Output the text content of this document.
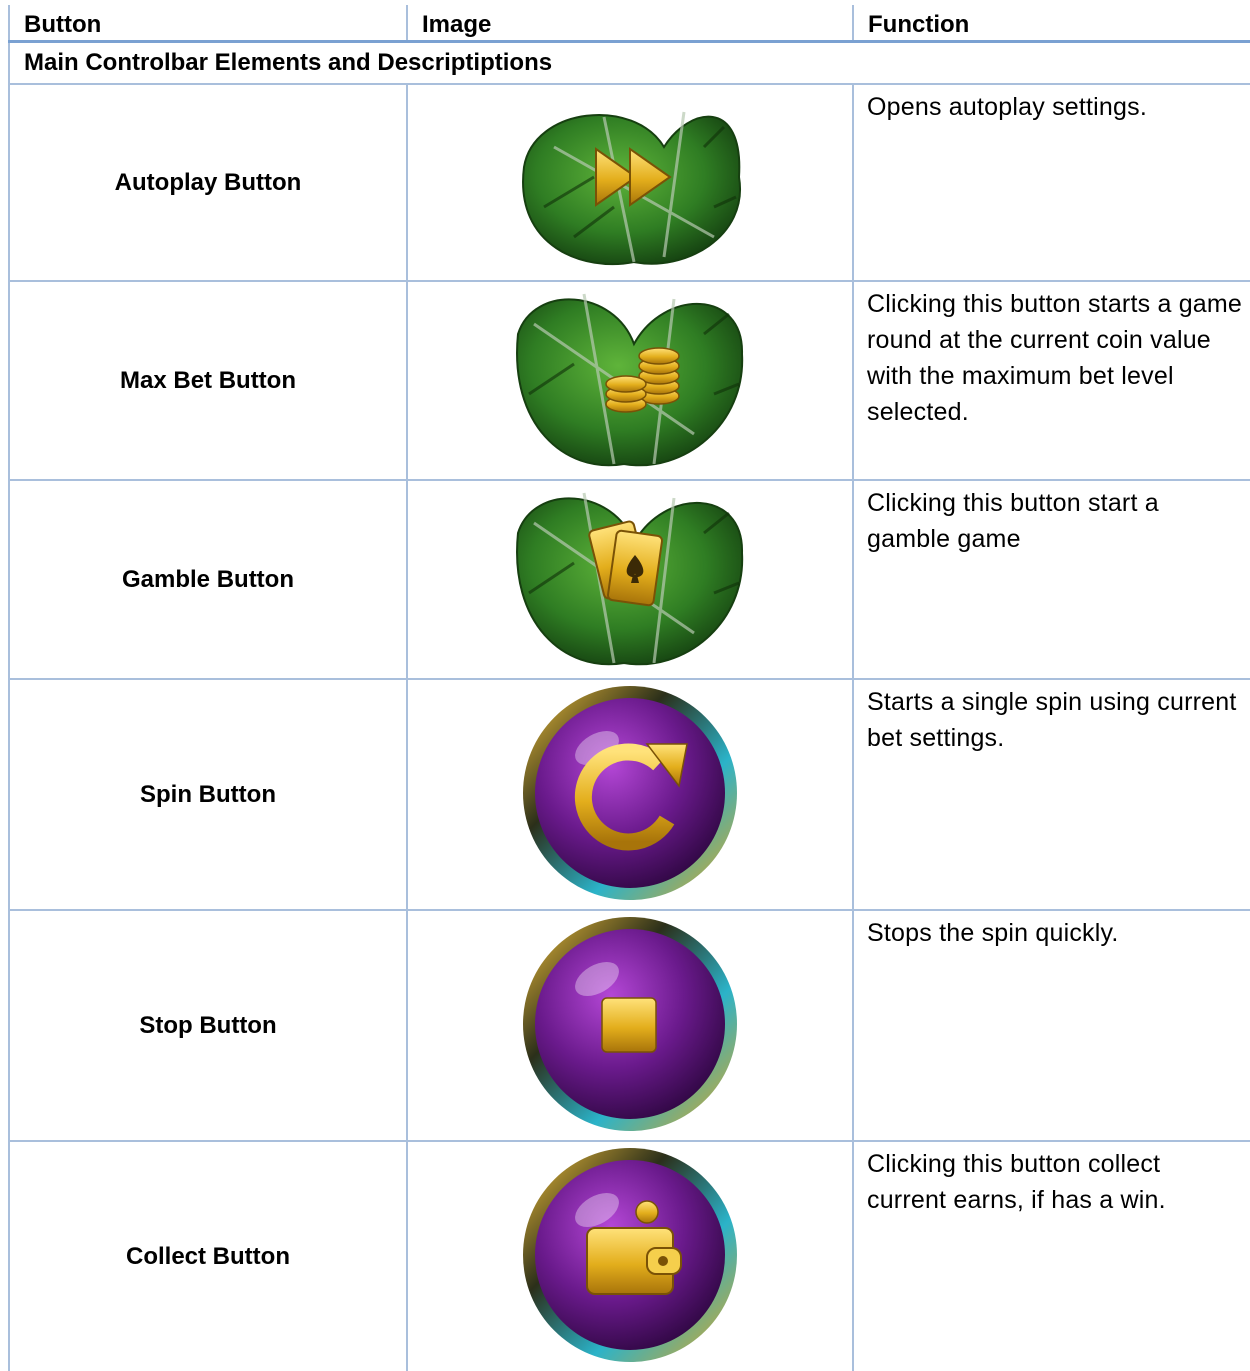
Button	Image	Function
Main Controlbar Elements and Descriptiptions		
Autoplay Button		Opens autoplay settings.
Max Bet Button		Clicking this button starts a game round at the current coin value with the maximum bet level selected.
Gamble Button		Clicking this button start a gamble game
Spin Button		Starts a single spin using current bet settings.
Stop Button		Stops the spin quickly.
Collect Button		Clicking this button collect current earns, if has a win.
